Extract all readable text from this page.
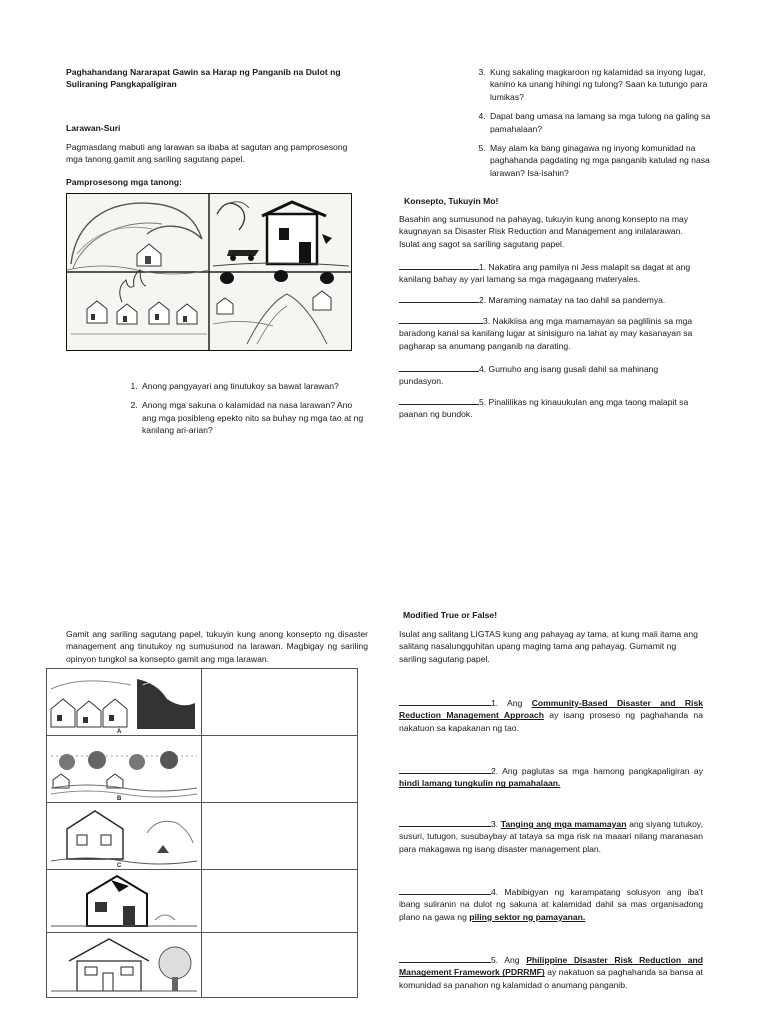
Paghahandang Nararapat Gawin sa Harap ng Panganib na Dulot ng Suliraning Pangkapaligiran
Larawan-Suri
Pagmasdang mabuti ang larawan sa ibaba at sagutan ang pamprosesong mga tanong gamit ang sariling sagutang papel.
Pamprosesong mga tanong:
1. Anong pangyayari ang tinutukoy sa bawat larawan?
2. Anong mga sakuna o kalamidad na nasa larawan? Ano ang mga posibleng epekto nito sa buhay ng mga tao at ng kanilang ari-arian?
3. Kung sakaling magkaroon ng kalamidad sa inyong lugar, kanino ka unang hihingi ng tulong? Saan ka tutungo para lumikas?
4. Dapat bang umasa na lamang sa mga tulong na galing sa pamahalaan?
5. May alam ka bang ginagawa ng inyong komunidad na paghahanda pagdating ng mga panganib katulad ng nasa larawan? Isa-isahin?
Konsepto, Tukuyin Mo!
Basahin ang sumusunod na pahayag, tukuyin kung anong konsepto na may kaugnayan sa Disaster Risk Reduction and Management ang inilalarawan. Isulat ang sagot sa sariling sagutang papel.
1. Nakatira ang pamilya ni Jess malapit sa dagat at ang kanilang bahay ay yari lamang sa mga magagaang materyales.
2. Maraming namatay na tao dahil sa pandemya.
3. Nakikiisa ang mga mamamayan sa paglilinis sa mga baradong kanal sa kanilang lugar at sinisiguro na lahat ay may kasanayan sa pagharap sa anumang panganib na darating.
4. Gumuho ang isang gusali dahil sa mahinang pundasyon.
5. Pinalilikas ng kinauukulan ang mga taong malapit sa paanan ng bundok.
Gamit ang sariling sagutang papel, tukuyin kung anong konsepto ng disaster management ang tinutukoy ng sumusunod na larawan. Magbigay ng sariling opinyon tungkol sa konsepto gamit ang mga larawan.
A	

B	

C	

Modified True or False!
Isulat ang salitang LIGTAS kung ang pahayag ay tama, at kung mali itama ang salitang nasalungguhitan upang maging tama ang pahayag. Gumamit ng sariling sagutang papel.
1. Ang Community-Based Disaster and Risk Reduction Management Approach ay isang proseso ng paghahanda na nakatuon sa kapakanan ng tao.
2. Ang paglutas sa mga hamong pangkapaligiran ay hindi lamang tungkulin ng pamahalaan.
3. Tanging ang mga mamamayan ang siyang tutukoy, susuri, tutugon, susubaybay at tataya sa mga risk na maaari nilang maranasan para makagawa ng isang disaster management plan.
4. Mabibigyan ng karampatang solusyon ang iba't ibang suliranin na dulot ng sakuna at kalamidad dahil sa mas organisadong plano na gawa ng piling sektor ng pamayanan.
5. Ang Philippine Disaster Risk Reduction and Management Framework (PDRRMF) ay nakatuon sa paghahanda sa bansa at komunidad sa panahon ng kalamidad o anumang panganib.
